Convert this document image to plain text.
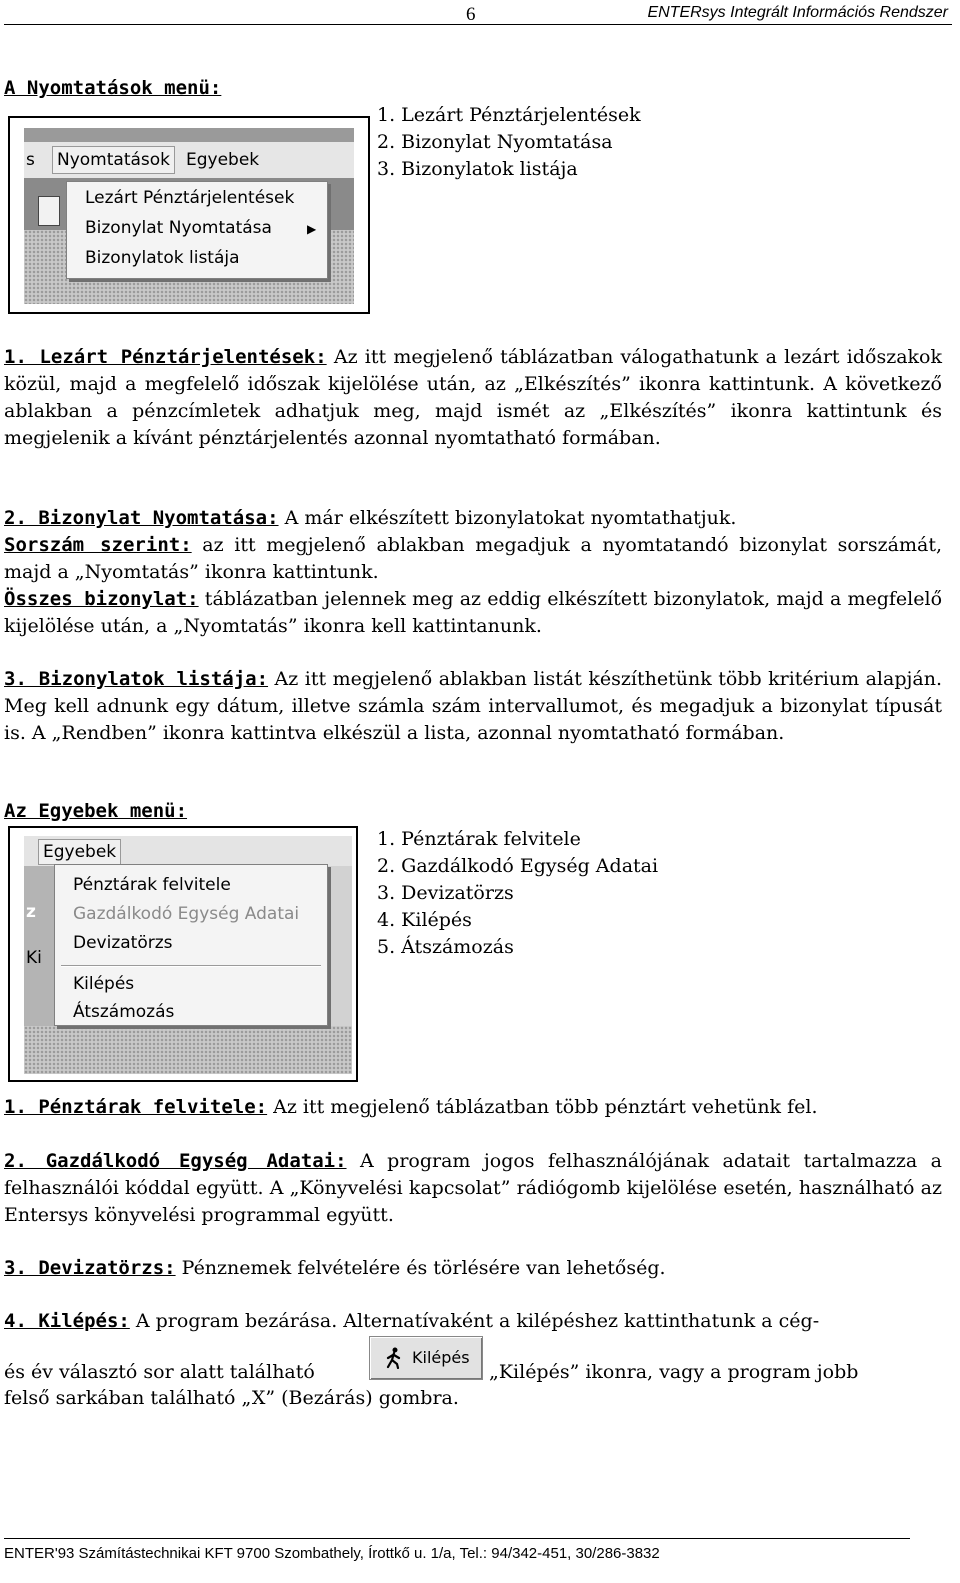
6	ENTERsys Integrált Információs Rendszer
A Nyomtatások menü:
s Nyomtatások Egyebek
Lezárt Pénztárjelentések
Bizonylat Nyomtatása	▶
Bizonylatok listája
1. Lezárt Pénztárjelentések
2. Bizonylat Nyomtatása
3. Bizonylatok listája

1. Lezárt Pénztárjelentések: Az itt megjelenő táblázatban válogathatunk a lezárt időszakok közül, majd a megfelelő időszak kijelölése után, az „Elkészítés” ikonra kattintunk. A következő ablakban a pénzcímletek adhatjuk meg, majd ismét az „Elkészítés” ikonra kattintunk és megjelenik a kívánt pénztárjelentés azonnal nyomtatható formában.

2. Bizonylat Nyomtatása: A már elkészített bizonylatokat nyomtathatjuk.

Sorszám szerint: az itt megjelenő ablakban megadjuk a nyomtatandó bizonylat sorszámát, majd a „Nyomtatás” ikonra kattintunk.

Összes bizonylat: táblázatban jelennek meg az eddig elkészített bizonylatok, majd a megfelelő kijelölése után, a „Nyomtatás” ikonra kell kattintanunk.

3. Bizonylatok listája: Az itt megjelenő ablakban listát készíthetünk több kritérium alapján. Meg kell adnunk egy dátum, illetve számla szám intervallumot, és megadjuk a bizonylat típusát is. A „Rendben” ikonra kattintva elkészül a lista, azonnal nyomtatható formában.

Az Egyebek menü:
Egyebek
z
Ki
Pénztárak felvitele
Gazdálkodó Egység Adatai
Devizatörzs
Kilépés
Átszámozás
1. Pénztárak felvitele
2. Gazdálkodó Egység Adatai
3. Devizatörzs
4. Kilépés
5. Átszámozás

1. Pénztárak felvitele: Az itt megjelenő táblázatban több pénztárt vehetünk fel.

2. Gazdálkodó Egység Adatai: A program jogos felhasználójának adatait tartalmazza a felhasználói kóddal együtt. A „Könyvelési kapcsolat” rádiógomb kijelölése esetén, használható az Entersys könyvelési programmal együtt.

3. Devizatörzs: Pénznemek felvételére és törlésére van lehetőség.

4. Kilépés: A program bezárása. Alternatívaként a kilépéshez kattinthatunk a cég-

és év választó sor alatt található
Kilépés
„Kilépés” ikonra, vagy a program jobb
felső sarkában található „X” (Bezárás) gombra.
ENTER'93 Számítástechnikai KFT 9700 Szombathely, Írottkő u. 1/a, Tel.: 94/342-451, 30/286-3832
